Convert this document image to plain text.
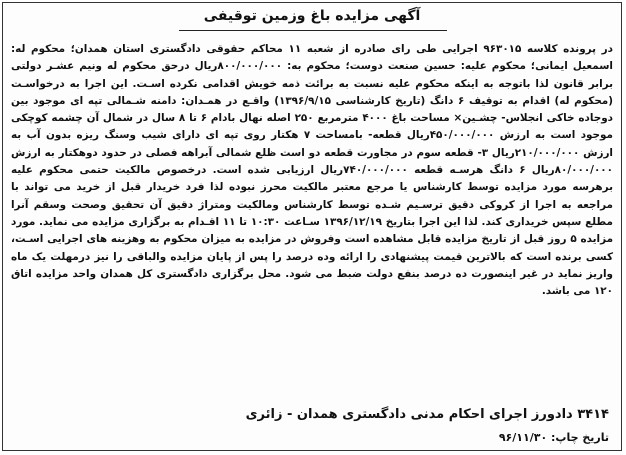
آگهی مزایده باغ وزمین توقیفی

در پرونده کلاسه ۹۶۳۰۱۵ اجرایی طی رای صادره از شعبه ۱۱ محاکم حقوقی دادگستری استان همدان؛ محکوم له: اسمعیل ایمانی؛ محکوم علیه: حسین صنعت دوست؛ محکوم به: ۸۰۰/۰۰۰/۰۰۰ریال درحق محکوم له ونیم عشـر دولتی برابر قانون لذا باتوجه به اینکه محکوم علیه نسبت به برائت ذمه خویش اقدامی نکرده اسـت. این اجرا به درخواسـت (محکوم له) اقدام به توقیف ۶ دانگ (تاریخ کارشناسی ۱۳۹۶/۹/۱۵) واقـع در همـدان: دامنه شـمالی تپه ای موجود بین دوجاده خاکی انجلاس- چشـین× مساحت باغ ۴۰۰۰ مترمربع ۲۵۰ اصله نهال بادام ۶ تا ۸ سال در شمال آن چشمه کوچکی موجود است به ارزش ۴۵۰/۰۰۰/۰۰۰ریال قطعه- بامساحت ۷ هکتار روی تپه ای دارای شیب وسنگ ریزه بدون آب به ارزش ۲۱۰/۰۰۰/۰۰۰ریال ۳- قطعه سوم در مجاورت قطعه دو است ظلع شمالی آبراهه فصلی در حدود دوهکتار به ارزش ۸۰/۰۰۰/۰۰۰ریال ۶ دانگ هرسـه قطعه ۷۴۰/۰۰۰/۰۰۰ریال ارزیابی شده است. درخصوص مالکیت حتمی محکوم علیه برهرسه مورد مزایده توسط کارشناس یا مرجع معتبر مالکیت محرز نبوده لذا فرد خریدار قبل از خرید می تواند با مراجعه به اجرا از کروکی دقیق ترسـیم شـده توسط کارشناس ومالکیت ومتراژ دقیق آن تحقیق وصحت وسقم آنرا مطلع سپس خریداری کند. لذا این اجرا بتاریخ ۱۳۹۶/۱۲/۱۹ سـاعت ۱۰:۳۰ تا ۱۱ اقـدام به برگزاری مزایده می نماید. مورد مزایده ۵ روز قبل از تاریخ مزایده قابل مشاهده است وفروش در مزایده به میزان محکوم به وهزینه های اجرایی اسـت، کسی برنده است که بالاترین قیمت پیشنهادی را ارائه وده درصد را پس از پایان مزایده والباقی را نیز درمهلت یک ماه واریز نماید در غیر اینصورت ده درصد بنفع دولت ضبط می شود. محل برگزاری دادگستری کل همدان واحد مزایده اتاق ۱۲۰ می باشد.

۳۴۱۴ دادورز اجرای احکام مدنی دادگستری همدان - زائری
تاریخ چاپ: ۹۶/۱۱/۳۰
